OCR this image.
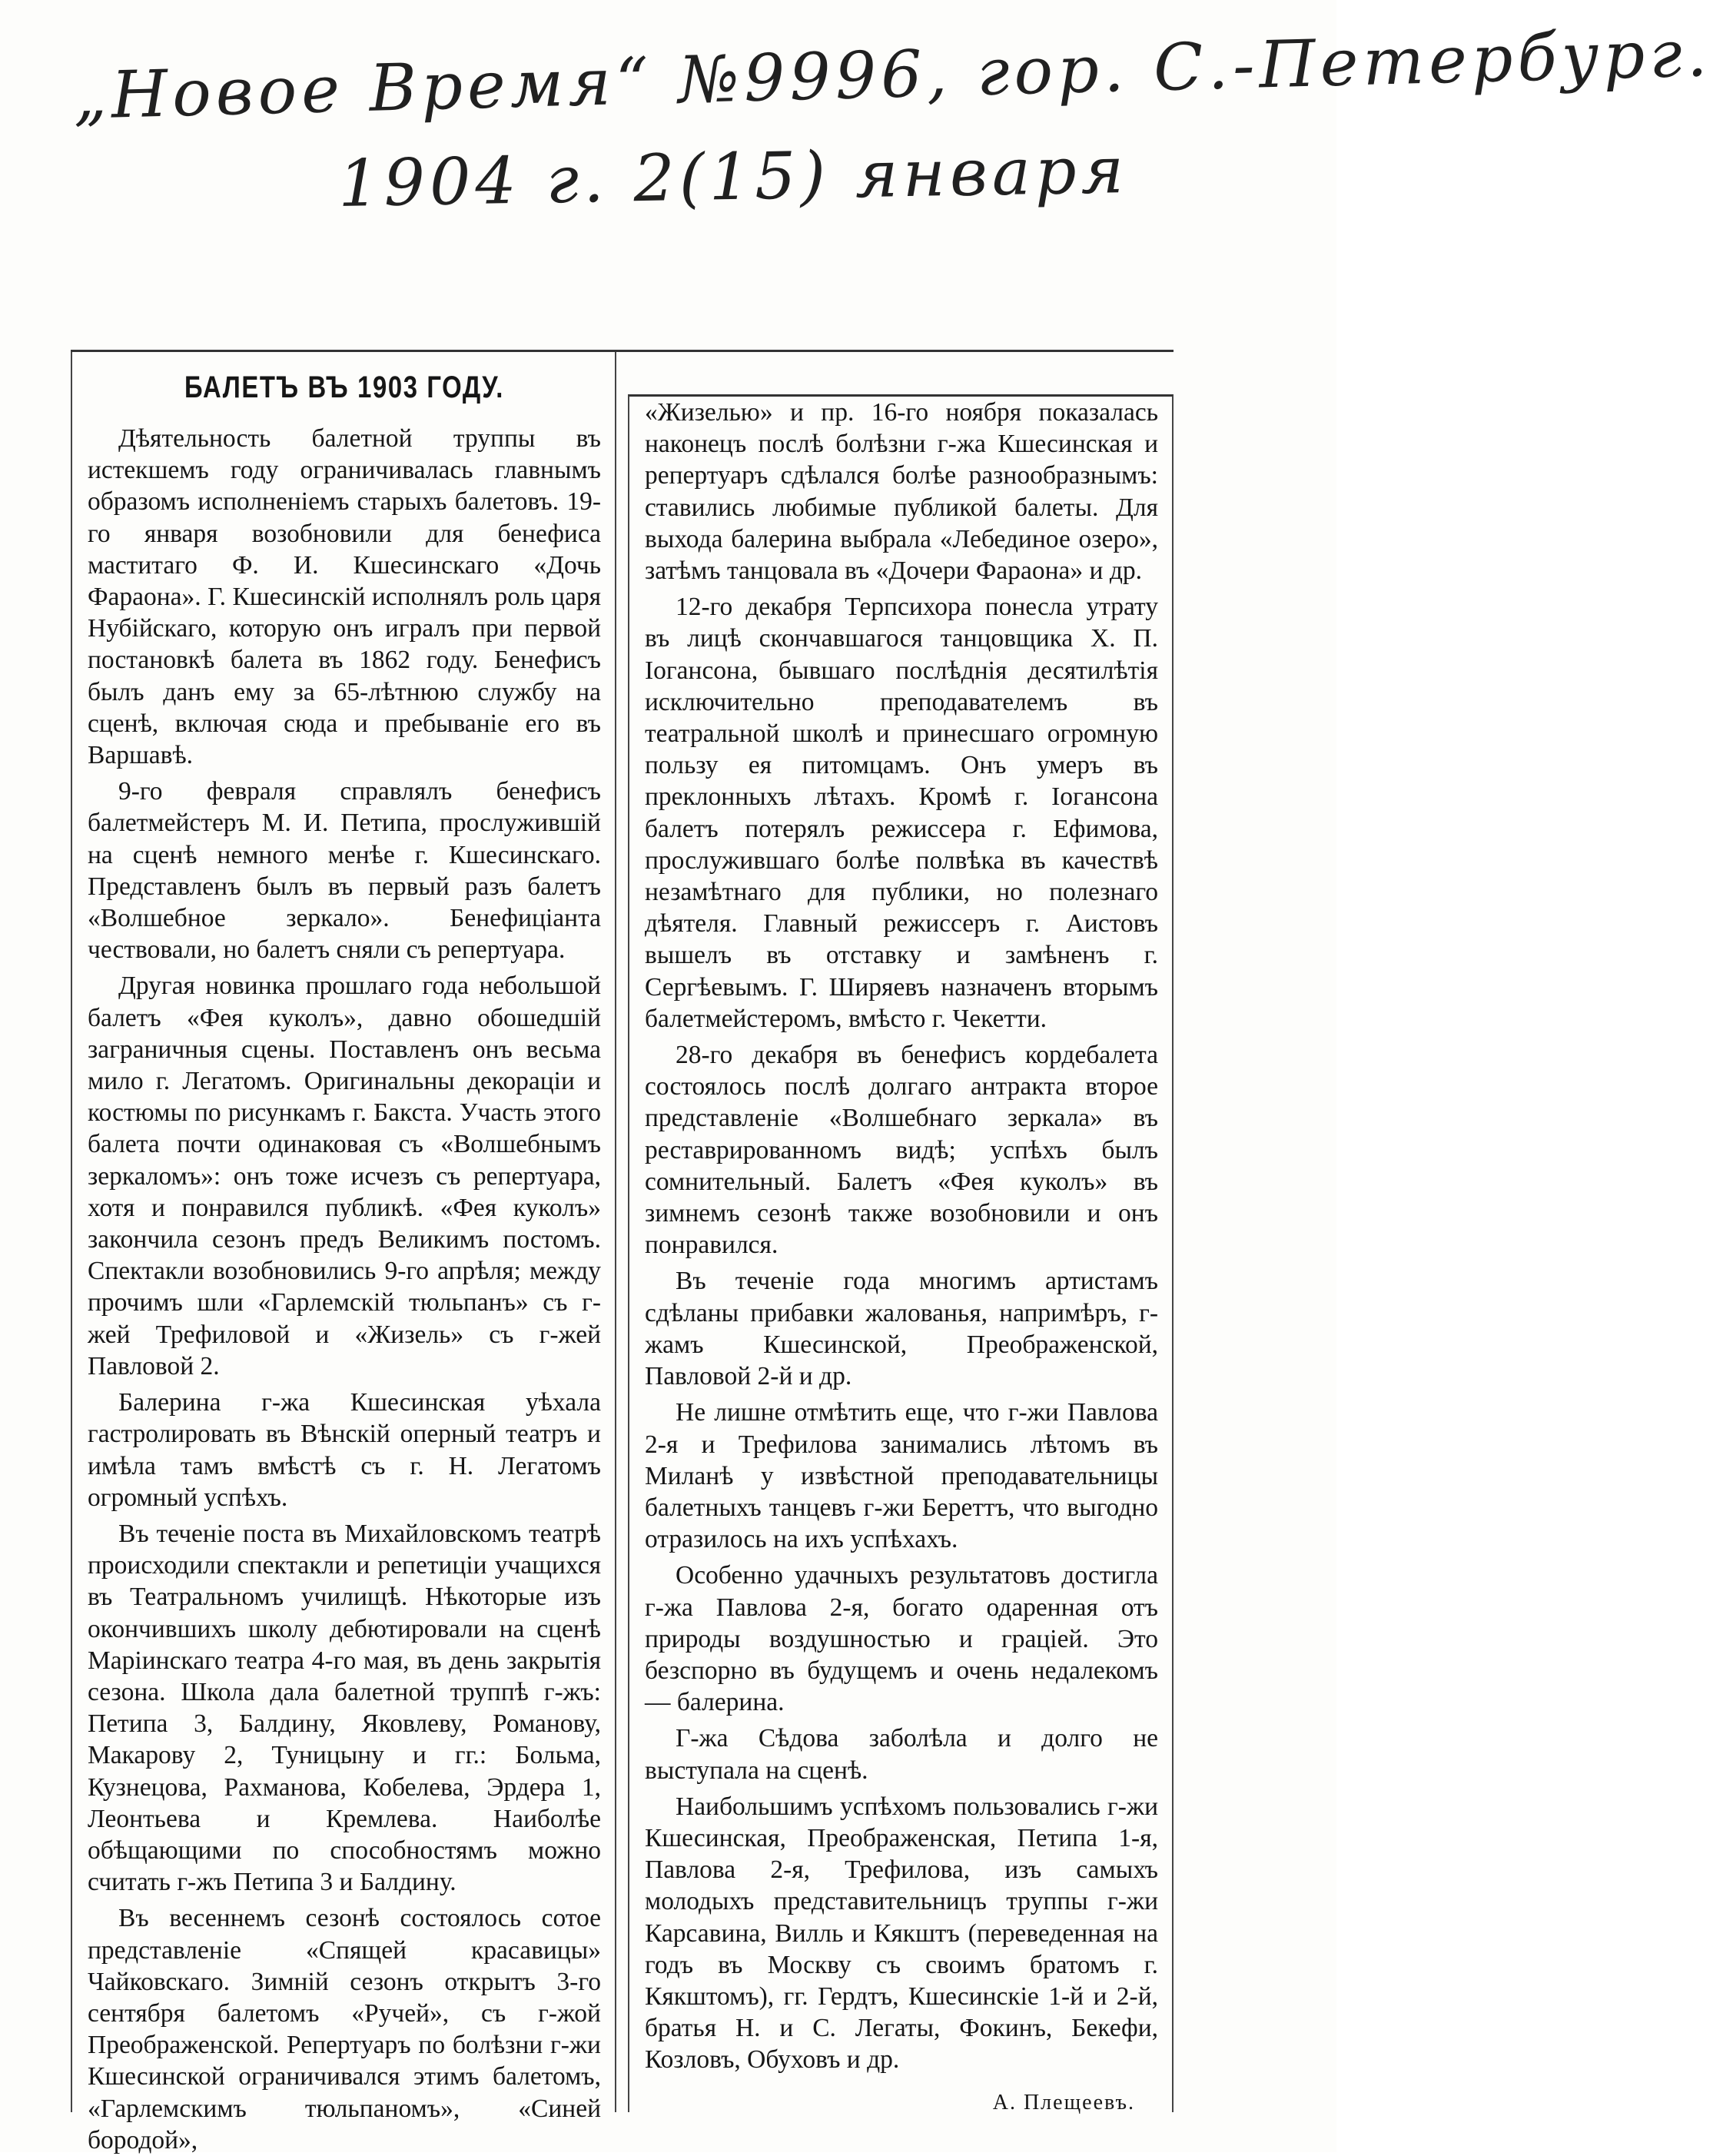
„Новое Время“ №9996, гор. С.-Петербург.
1904 г. 2(15) января
БАЛЕТЪ ВЪ 1903 ГОДУ.

Дѣятельность балетной труппы въ истекшемъ году ограничивалась главнымъ образомъ исполненіемъ старыхъ балетовъ. 19-го января возобновили для бенефиса маститаго Ф. И. Кшесинскаго «Дочь Фараона». Г. Кшесинскій исполнялъ роль царя Нубійскаго, которую онъ игралъ при первой постановкѣ балета въ 1862 году. Бенефисъ былъ данъ ему за 65-лѣтнюю службу на сценѣ, включая сюда и пребываніе его въ Варшавѣ.

9-го февраля справлялъ бенефисъ балетмейстеръ М. И. Петипа, прослужившій на сценѣ немного менѣе г. Кшесинскаго. Представленъ былъ въ первый разъ балетъ «Волшебное зеркало». Бенефиціанта чествовали, но балетъ сняли съ репертуара.

Другая новинка прошлаго года небольшой балетъ «Фея куколъ», давно обошедшій заграничныя сцены. Поставленъ онъ весьма мило г. Легатомъ. Оригинальны декораціи и костюмы по рисункамъ г. Бакста. Участь этого балета почти одинаковая съ «Волшебнымъ зеркаломъ»: онъ тоже исчезъ съ репертуара, хотя и понравился публикѣ. «Фея куколъ» закончила сезонъ предъ Великимъ постомъ. Спектакли возобновились 9-го апрѣля; между прочимъ шли «Гарлемскій тюльпанъ» съ г-жей Трефиловой и «Жизель» съ г-жей Павловой 2.

Балерина г-жа Кшесинская уѣхала гастролировать въ Вѣнскій оперный театръ и имѣла тамъ вмѣстѣ съ г. Н. Легатомъ огромный успѣхъ.

Въ теченіе поста въ Михайловскомъ театрѣ происходили спектакли и репетиціи учащихся въ Театральномъ училищѣ. Нѣкоторые изъ окончившихъ школу дебютировали на сценѣ Маріинскаго театра 4-го мая, въ день закрытія сезона. Школа дала балетной труппѣ г-жъ: Петипа 3, Балдину, Яковлеву, Романову, Макарову 2, Туницыну и гг.: Больма, Кузнецова, Рахманова, Кобелева, Эрдера 1, Леонтьева и Кремлева. Наиболѣе обѣщающими по способностямъ можно считать г-жъ Петипа 3 и Балдину.

Въ весеннемъ сезонѣ состоялось сотое представленіе «Спящей красавицы» Чайковскаго. Зимній сезонъ открытъ 3-го сентября балетомъ «Ручей», съ г-жой Преображенской. Репертуаръ по болѣзни г-жи Кшесинской ограничивался этимъ балетомъ, «Гарлемскимъ тюльпаномъ», «Синей бородой»,

«Жизелью» и пр. 16-го ноября показалась наконецъ послѣ болѣзни г-жа Кшесинская и репертуаръ сдѣлался болѣе разнообразнымъ: ставились любимые публикой балеты. Для выхода балерина выбрала «Лебединое озеро», затѣмъ танцовала въ «Дочери Фараона» и др.

12-го декабря Терпсихора понесла утрату въ лицѣ скончавшагося танцовщика Х. П. Іогансона, бывшаго послѣднія десятилѣтія исключительно преподавателемъ въ театральной школѣ и принесшаго огромную пользу ея питомцамъ. Онъ умеръ въ преклонныхъ лѣтахъ. Кромѣ г. Іогансона балетъ потерялъ режиссера г. Ефимова, прослужившаго болѣе полвѣка въ качествѣ незамѣтнаго для публики, но полезнаго дѣятеля. Главный режиссеръ г. Аистовъ вышелъ въ отставку и замѣненъ г. Сергѣевымъ. Г. Ширяевъ назначенъ вторымъ балетмейстеромъ, вмѣсто г. Чекетти.

28-го декабря въ бенефисъ кордебалета состоялось послѣ долгаго антракта второе представленіе «Волшебнаго зеркала» въ реставрированномъ видѣ; успѣхъ былъ сомнительный. Балетъ «Фея куколъ» въ зимнемъ сезонѣ также возобновили и онъ понравился.

Въ теченіе года многимъ артистамъ сдѣланы прибавки жалованья, напримѣръ, г-жамъ Кшесинской, Преображенской, Павловой 2-й и др.

Не лишне отмѣтить еще, что г-жи Павлова 2-я и Трефилова занимались лѣтомъ въ Миланѣ у извѣстной преподавательницы балетныхъ танцевъ г-жи Береттъ, что выгодно отразилось на ихъ успѣхахъ.

Особенно удачныхъ результатовъ достигла г-жа Павлова 2-я, богато одаренная отъ природы воздушностью и граціей. Это безспорно въ будущемъ и очень недалекомъ — балерина.

Г-жа Сѣдова заболѣла и долго не выступала на сценѣ.

Наибольшимъ успѣхомъ пользовались г-жи Кшесинская, Преображенская, Петипа 1-я, Павлова 2-я, Трефилова, изъ самыхъ молодыхъ представительницъ труппы г-жи Карсавина, Вилль и Кякштъ (переведенная на годъ въ Москву съ своимъ братомъ г. Кякштомъ), гг. Гердтъ, Кшесинскіе 1-й и 2-й, братья Н. и С. Легаты, Фокинъ, Бекефи, Козловъ, Обуховъ и др.

А. Плещеевъ.
